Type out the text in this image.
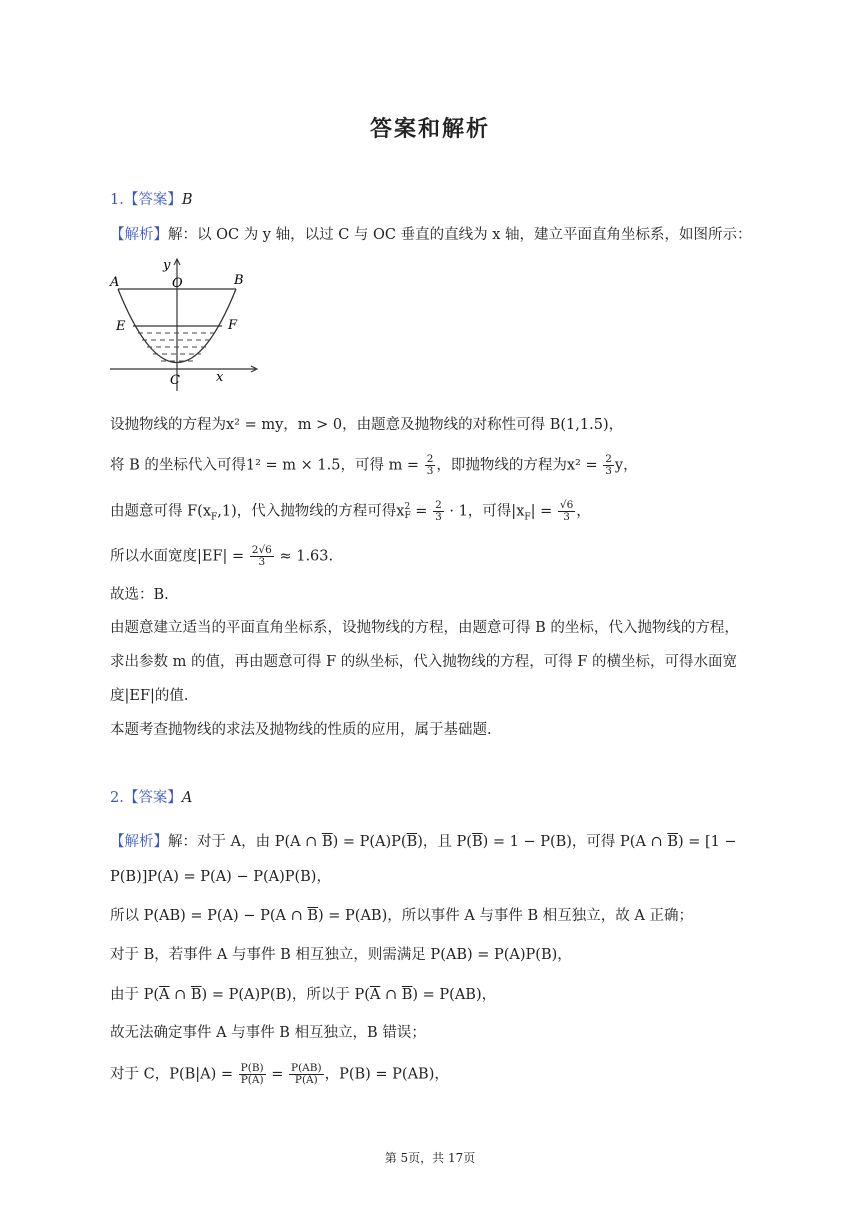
答案和解析
1.【答案】B
【解析】解：以 OC 为 y 轴，以过 C 与 OC 垂直的直线为 x 轴，建立平面直角坐标系，如图所示：
A	B
O
y
E	F
C	x
设抛物线的方程为x² = my，m > 0，由题意及抛物线的对称性可得 B(1,1.5)，
将 B 的坐标代入可得1² = m × 1.5，可得 $m = \frac{2}{3}$ ，即抛物线的方程为$x^2 = \frac{2}{3}$ y，
由题意可得 $F(x_F,1)$，代入抛物线的方程可得x 2
$F = \frac{2}{3} \cdot 1$，可得$|x_F| = \frac{√6}{3}$ ，
所以水面宽度$|EF| = \frac{2√6}{3} \approx 1.63$.
故选：B.
由题意建立适当的平面直角坐标系，设抛物线的方程，由题意可得 B 的坐标，代入抛物线的方程，
求出参数 m 的值，再由题意可得 F 的纵坐标，代入抛物线的方程，可得 F 的横坐标，可得水面宽
度|EF|的值.
本题考查抛物线的求法及抛物线的性质的应用，属于基础题.
2.【答案】A
【解析】解：对于 A，由 P(A ∩ $\overline{B}) = P(A)P(\overline{B})$，且 $P(\overline{B}) = 1 - P(B)$，可得 P(A ∩ $\overline{B}) = [1$ −
P(B)]P(A) = P(A) − P(A)P(B)，
所以 P(AB) = P(A) − P(A ∩ $\overline{B}) = P(AB)$，所以事件 A 与事件 B 相互独立，故 A 正确；
对于 B，若事件 A 与事件 B 相互独立，则需满足 P(AB) = P(A)P(B)，
由于 $P(\overline{A}$ ∩ $\overline{B}) = P(A)P(B)$，所以于 $P(\overline{A}$ ∩ $\overline{B}) = P(AB)$，
故无法确定事件 A 与事件 B 相互独立，B 错误；
对于 C，$P(B|A) = \frac{P(B)}{P(A)} = \frac{P(AB)}{P(A)}$ ，P(B) = P(AB)，
第 5页，共 17页
